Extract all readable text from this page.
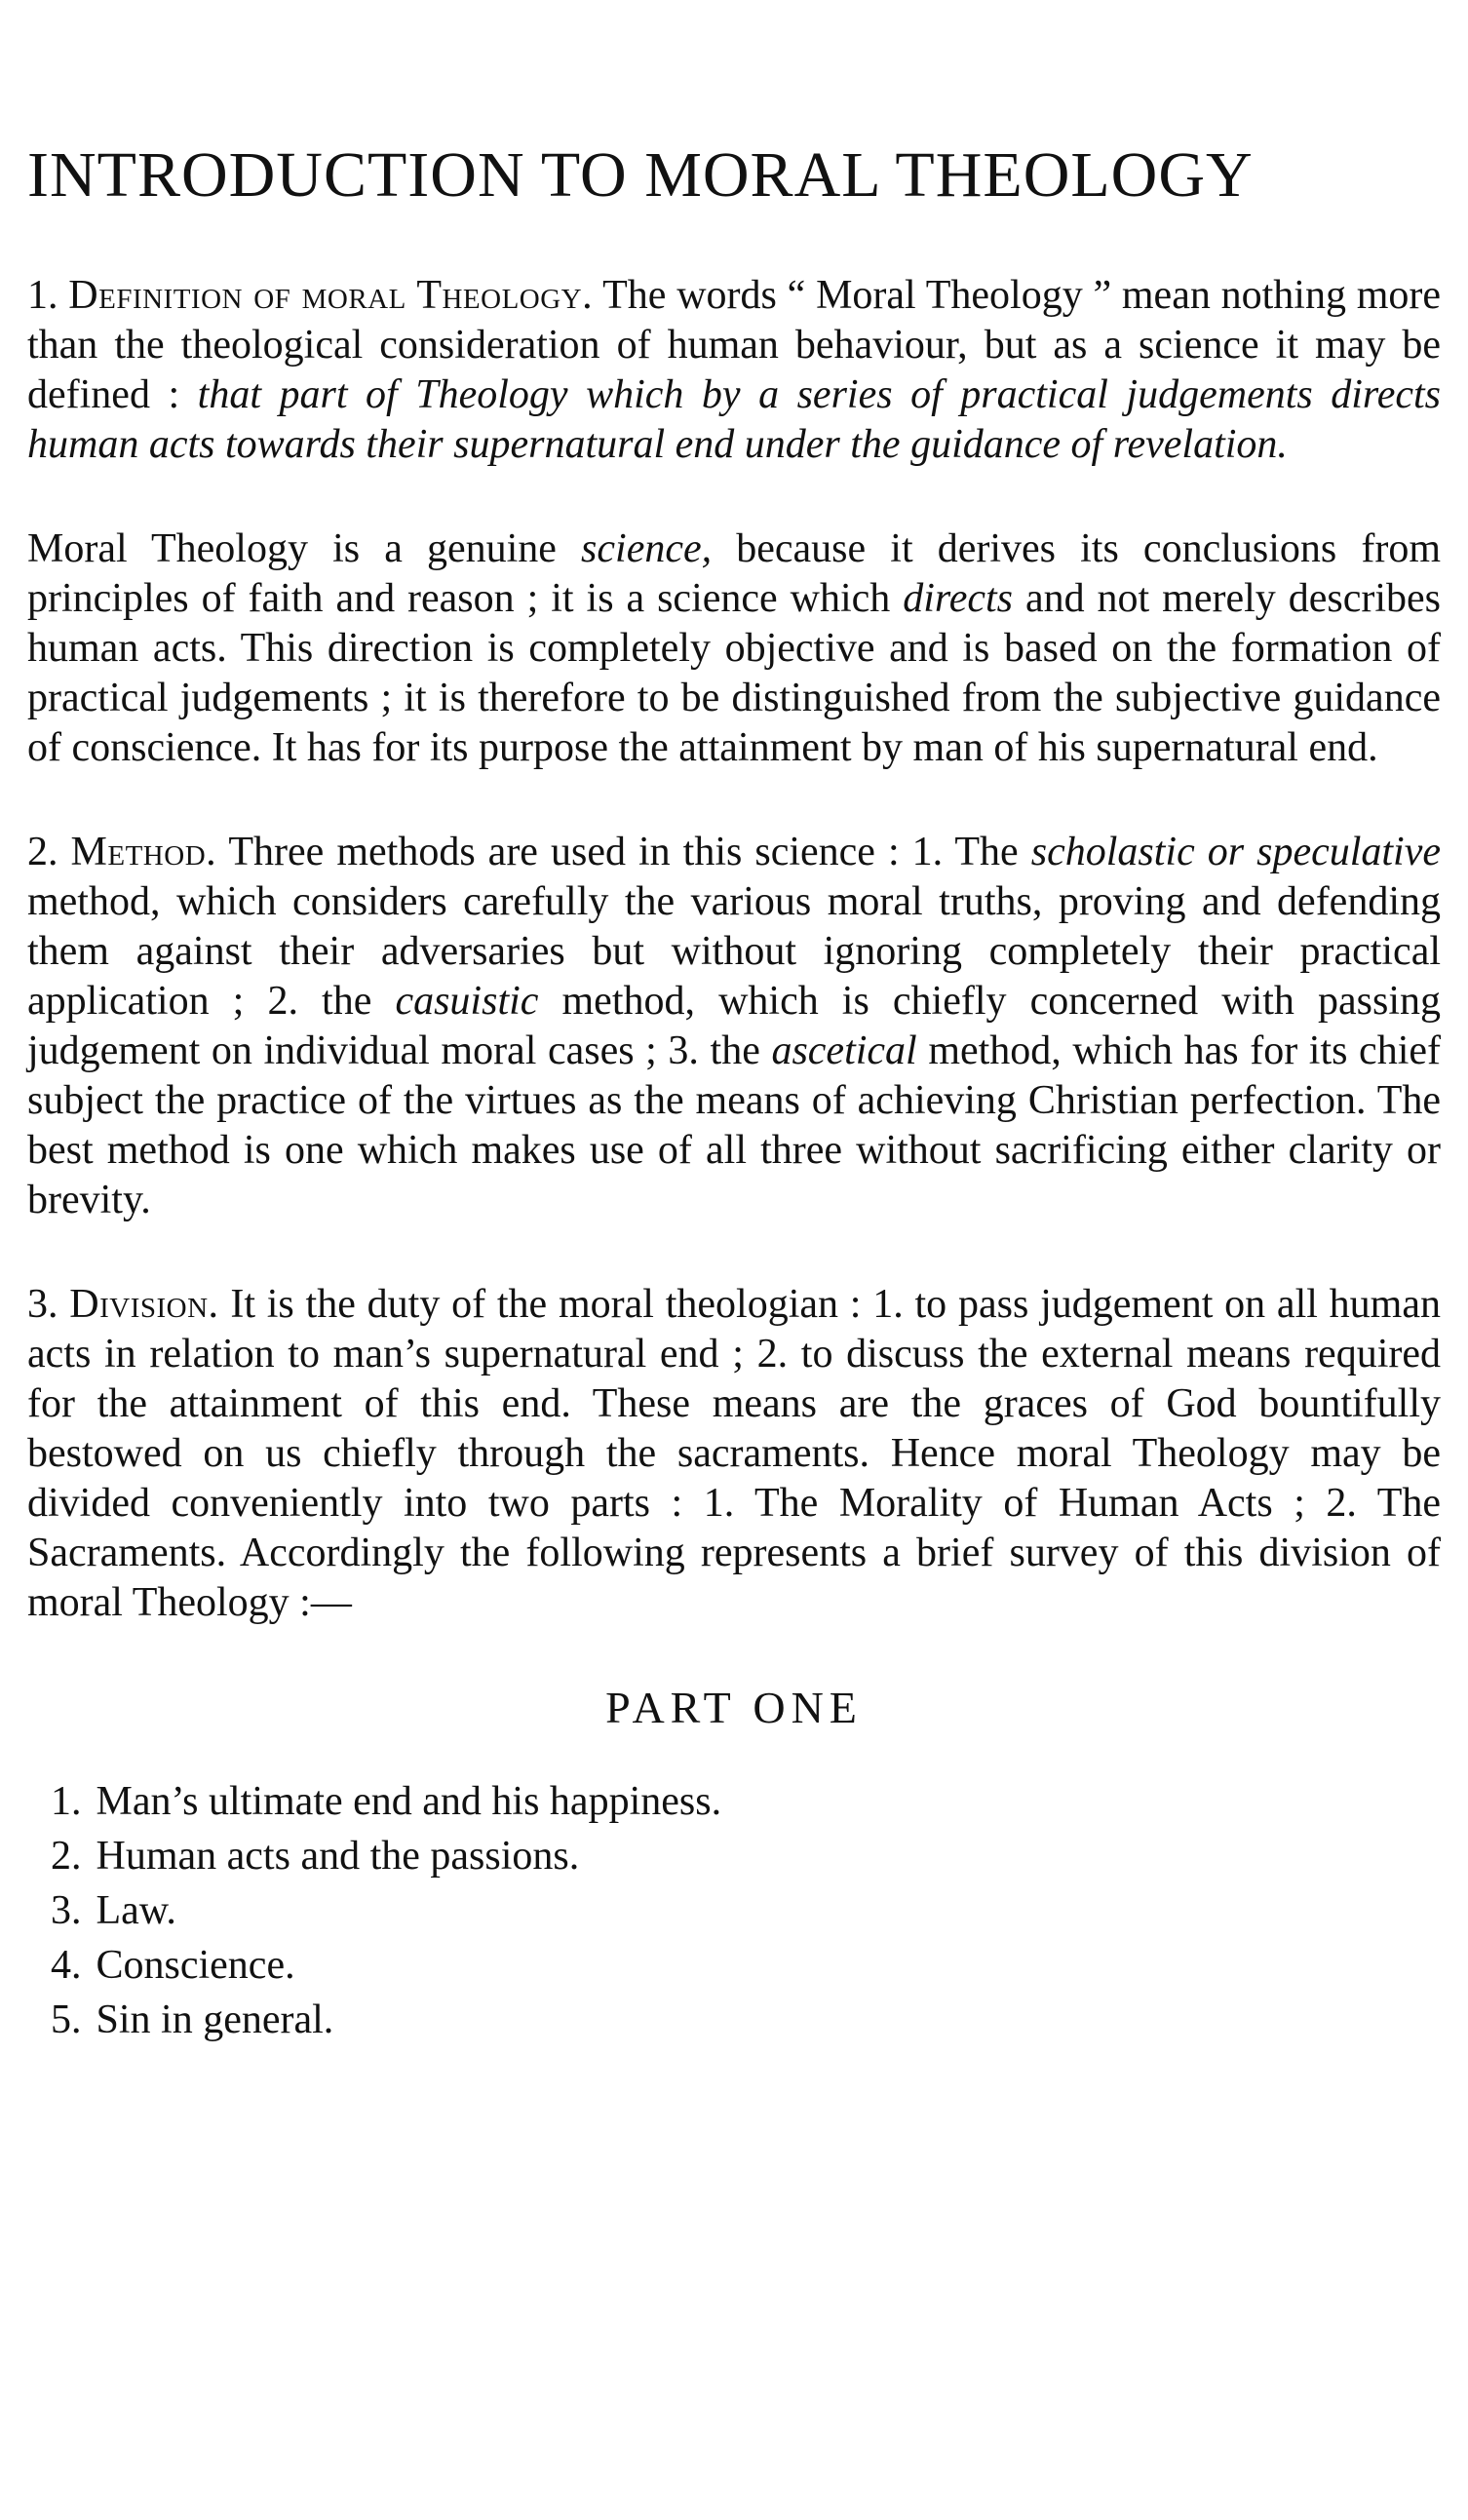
INTRODUCTION TO MORAL THEOLOGY

1. Definition of moral Theology. The words “ Moral Theology ” mean nothing more than the theological consideration of human behaviour, but as a science it may be defined : that part of Theology which by a series of practical judgements directs human acts towards their supernatural end under the guidance of revelation.

Moral Theology is a genuine science, because it derives its conclusions from principles of faith and reason ; it is a science which directs and not merely describes human acts. This direction is completely objective and is based on the formation of practical judgements ; it is therefore to be distinguished from the subjective guidance of conscience. It has for its purpose the attainment by man of his supernatural end.

2. Method. Three methods are used in this science : 1. The scholastic or speculative method, which considers carefully the various moral truths, proving and defending them against their adversaries but without ignoring completely their practical application ; 2. the casuistic method, which is chiefly concerned with passing judgement on individual moral cases ; 3. the ascetical method, which has for its chief subject the practice of the virtues as the means of achieving Christian perfection. The best method is one which makes use of all three without sacrificing either clarity or brevity.

3. Division. It is the duty of the moral theologian : 1. to pass judgement on all human acts in relation to man’s supernatural end ; 2. to discuss the external means required for the attainment of this end. These means are the graces of God bountifully bestowed on us chiefly through the sacraments. Hence moral Theology may be divided conveniently into two parts : 1. The Morality of Human Acts ; 2. The Sacraments. Accordingly the following represents a brief survey of this division of moral Theology :—

PART ONE
1. Man’s ultimate end and his happiness.
2. Human acts and the passions.
3. Law.
4. Conscience.
5. Sin in general.
